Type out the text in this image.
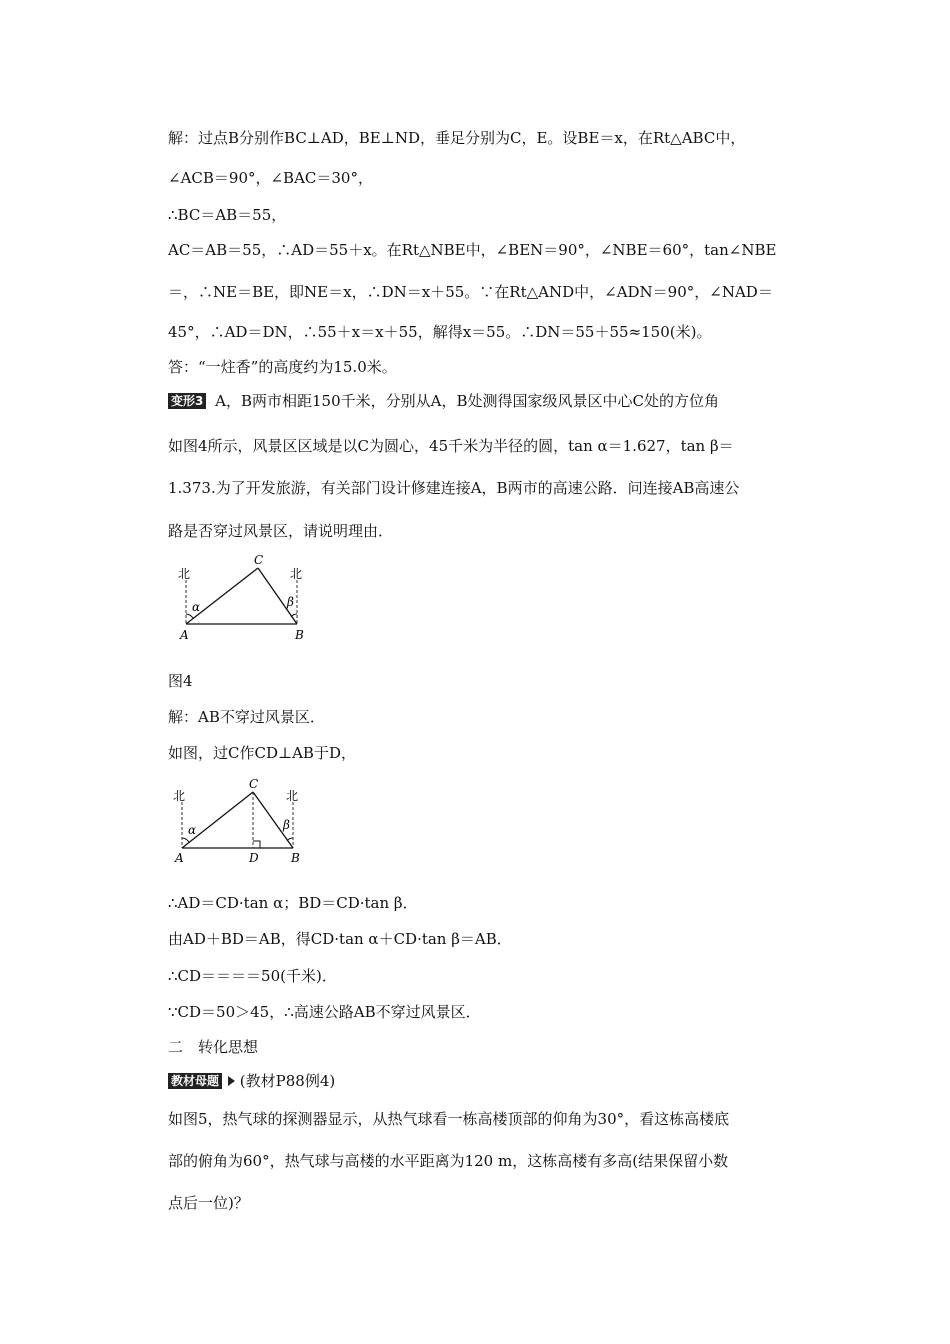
解：过点B分别作BC⊥AD，BE⊥ND，垂足分别为C，E。设BE＝x，在Rt△ABC中，
∠ACB＝90°，∠BAC＝30°，
∴BC＝AB＝55，
AC＝AB＝55，∴AD＝55＋x。在Rt△NBE中，∠BEN＝90°，∠NBE＝60°，tan∠NBE
＝，∴NE＝BE，即NE＝x，∴DN＝x＋55。∵在Rt△AND中，∠ADN＝90°，∠NAD＝
45°，∴AD＝DN，∴55＋x＝x＋55，解得x＝55。∴DN＝55＋55≈150(米)。
答：“一炷香”的高度约为15.0米。
变形3 A，B两市相距150千米，分别从A，B处测得国家级风景区中心C处的方位角
如图4所示，风景区区域是以C为圆心，45千米为半径的圆，tan α＝1.627，tan β＝
1.373.为了开发旅游，有关部门设计修建连接A，B两市的高速公路．问连接AB高速公
路是否穿过风景区，请说明理由．
北	北
α	β
A	B
C
图4
解：AB不穿过风景区．
如图，过C作CD⊥AB于D，
北	北
α	β
A	B
C
D
∴AD＝CD·tan α；BD＝CD·tan β．
由AD＋BD＝AB，得CD·tan α＋CD·tan β＝AB．
∴CD＝＝＝＝50(千米)．
∵CD＝50＞45，∴高速公路AB不穿过风景区．
二　转化思想
教材母题 (教材P88例4)
如图5，热气球的探测器显示，从热气球看一栋高楼顶部的仰角为30°，看这栋高楼底
部的俯角为60°，热气球与高楼的水平距离为120 m，这栋高楼有多高(结果保留小数
点后一位)？
